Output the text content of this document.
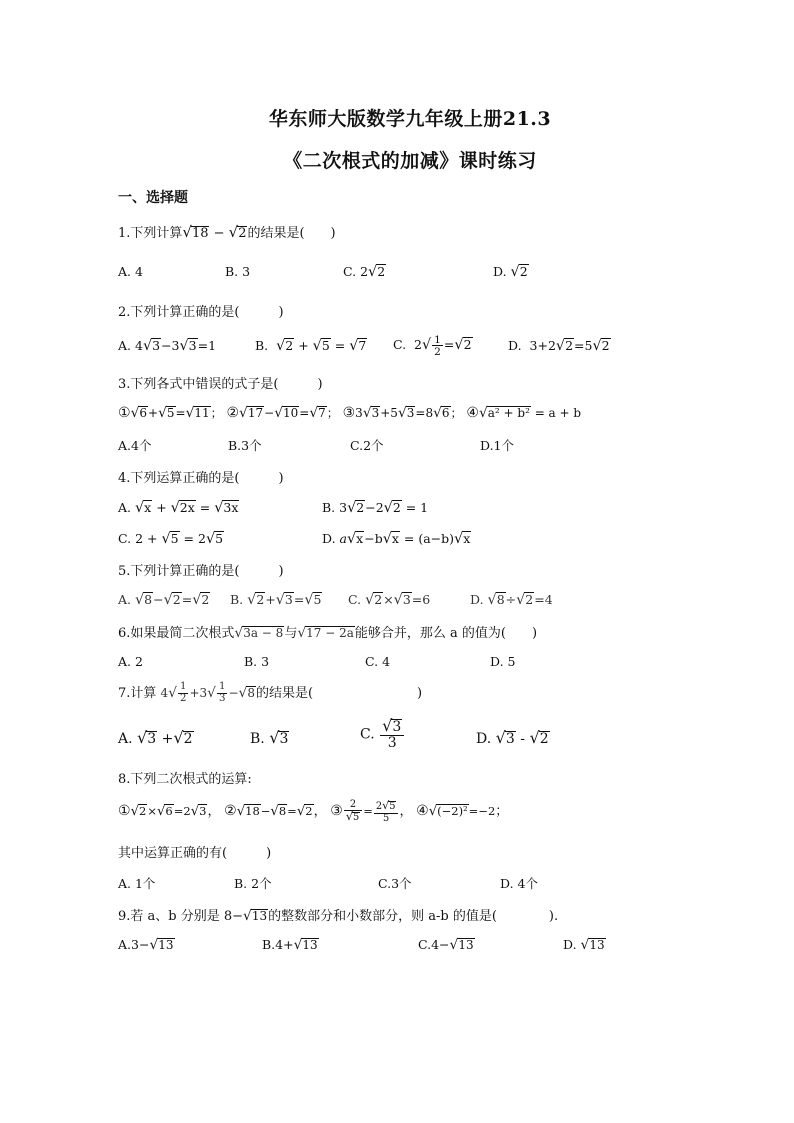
华东师大版数学九年级上册21.3
《二次根式的加减》课时练习
一、选择题
1.下列计算√18 − √2的结果是(　　)
A. 4	B. 3	C. 2√2	D. √2
2.下列计算正确的是(　　　)
A. 4√3−3√3=1	B. √2 + √5 = √7 C. $2√ \frac{1}{2} =√2$	D. 3+2√2=5√2
3.下列各式中错误的式子是(　　　)
①√6+√5=√11； ②√17−√10=√7； ③3√3+5√3=8√6； ④√a² + b² = a + b
A.4个	B.3个	C.2个	D.1个
4.下列运算正确的是(　　　)
A. √x + √2x = √3x	B. 3√2−2√2 = 1
C. 2 + √5 = 2√5	D. a√x−b√x = (a−b)√x
5.下列计算正确的是(　　　)
A. √8−√2=√2 B. √2+√3=√5 C. √2×√3=6	D. √8÷√2=4
6.如果最简二次根式√3a − 8与√17 − 2a能够合并，那么 a 的值为(　　)
A. 2	B. 3	C. 4	D. 5
7.计算 $4√ \frac{1}{2} +3√ \frac{1}{3} -√8$的结果是(　　　　　　　　)
A. √3 +√2	B. √3	C. $\frac{√3}{3}$	D. √3 - √2
8.下列二次根式的运算:
①√2×√6=2√3， ②√18−√8=√2， ③ $\frac{2}{√5} = \frac{2√5}{5}$ ， ④√(−2)²=−2；
其中运算正确的有(　　　)
A. 1个	B. 2个	C.3个	D. 4个
9.若 a、b 分别是 8−√13的整数部分和小数部分，则 a-b 的值是(　　　　).
A.3−√13	B.4+√13	C.4−√13	D. √13
